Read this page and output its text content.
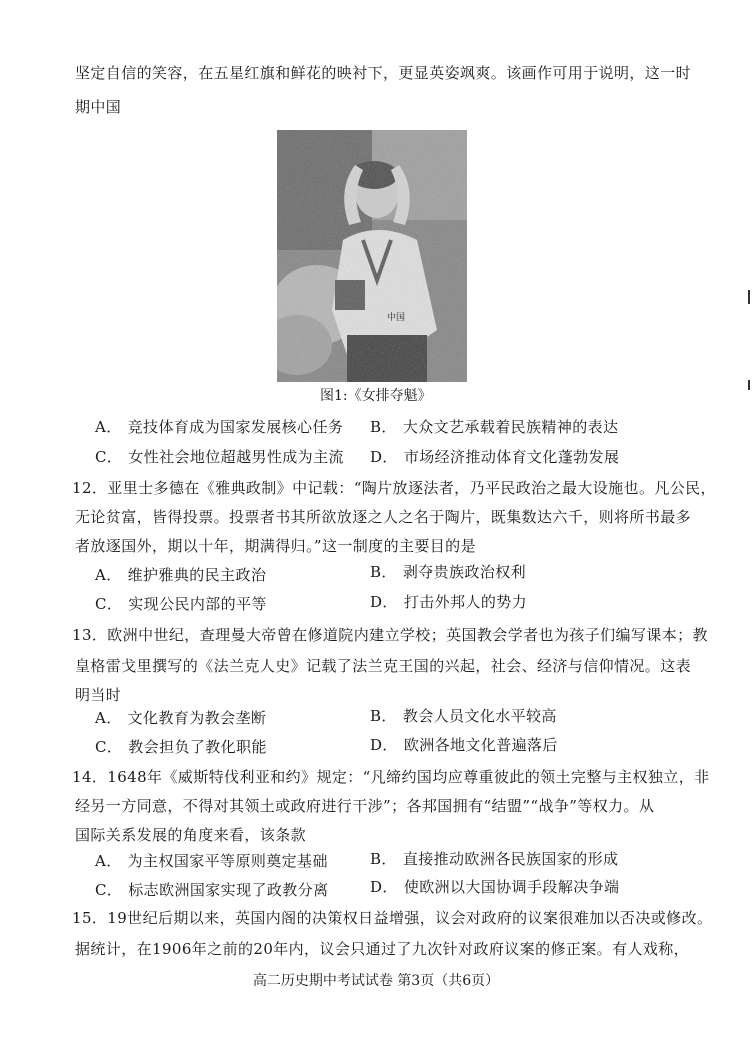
坚定自信的笑容，在五星红旗和鲜花的映衬下，更显英姿飒爽。该画作可用于说明，这一时
期中国
中国
图1:《女排夺魁》
A． 竞技体育成为国家发展核心任务 B． 大众文艺承载着民族精神的表达
C． 女性社会地位超越男性成为主流 D． 市场经济推动体育文化蓬勃发展
12．亚里士多德在《雅典政制》中记载：“陶片放逐法者，乃平民政治之最大设施也。凡公民，
无论贫富，皆得投票。投票者书其所欲放逐之人之名于陶片，既集数达六千，则将所书最多
者放逐国外，期以十年，期满得归。”这一制度的主要目的是
A． 维护雅典的民主政治	B． 剥夺贵族政治权利
C． 实现公民内部的平等	D． 打击外邦人的势力
13．欧洲中世纪，查理曼大帝曾在修道院内建立学校；英国教会学者也为孩子们编写课本；教
皇格雷戈里撰写的《法兰克人史》记载了法兰克王国的兴起，社会、经济与信仰情况。这表
明当时
A． 文化教育为教会垄断	B． 教会人员文化水平较高
C． 教会担负了教化职能	D． 欧洲各地文化普遍落后
14．1648年《威斯特伐利亚和约》规定：“凡缔约国均应尊重彼此的领土完整与主权独立，非
经另一方同意，不得对其领土或政府进行干涉”；各邦国拥有“结盟”“战争”等权力。从
国际关系发展的角度来看，该条款
A． 为主权国家平等原则奠定基础	B． 直接推动欧洲各民族国家的形成
C． 标志欧洲国家实现了政教分离	D． 使欧洲以大国协调手段解决争端
15．19世纪后期以来，英国内阁的决策权日益增强，议会对政府的议案很难加以否决或修改。
据统计，在1906年之前的20年内，议会只通过了九次针对政府议案的修正案。有人戏称，
高二历史期中考试试卷 第3页（共6页）
